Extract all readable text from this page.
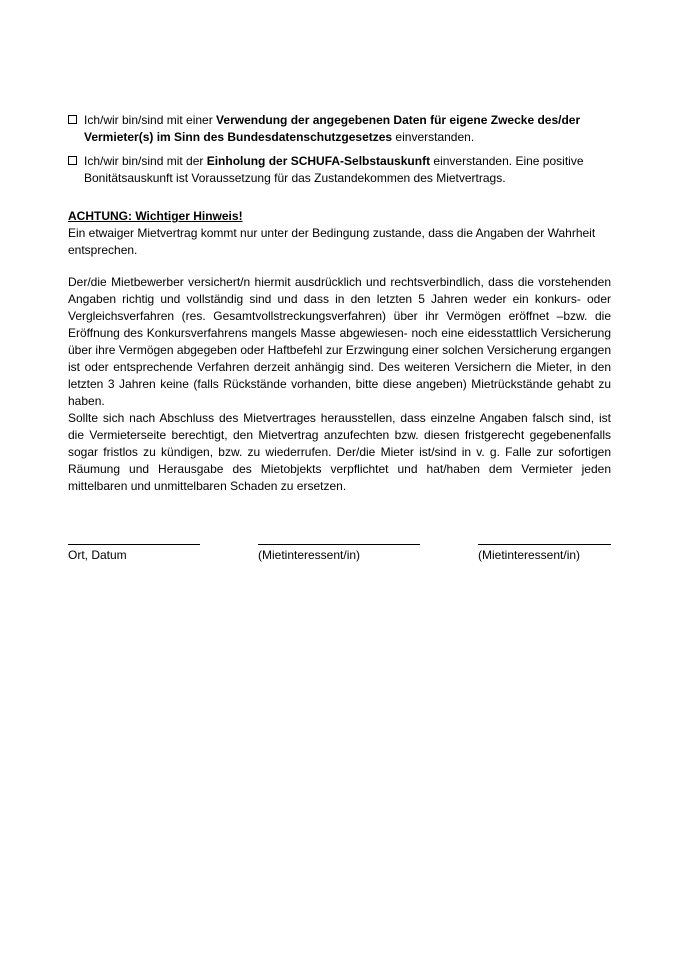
Ich/wir bin/sind mit einer Verwendung der angegebenen Daten für eigene Zwecke des/der Vermieter(s) im Sinn des Bundesdatenschutzgesetzes einverstanden.
Ich/wir bin/sind mit der Einholung der SCHUFA-Selbstauskunft einverstanden. Eine positive Bonitätsauskunft ist Voraussetzung für das Zustandekommen des Mietvertrags.
ACHTUNG: Wichtiger Hinweis!
Ein etwaiger Mietvertrag kommt nur unter der Bedingung zustande, dass die Angaben der Wahrheit entsprechen.

Der/die Mietbewerber versichert/n hiermit ausdrücklich und rechtsverbindlich, dass die vorstehenden Angaben richtig und vollständig sind und dass in den letzten 5 Jahren weder ein konkurs- oder Vergleichsverfahren (res. Gesamtvollstreckungsverfahren) über ihr Vermögen eröffnet –bzw. die Eröffnung des Konkursverfahrens mangels Masse abgewiesen- noch eine eidesstattlich Versicherung über ihre Vermögen abgegeben oder Haftbefehl zur Erzwingung einer solchen Versicherung ergangen ist oder entsprechende Verfahren derzeit anhängig sind. Des weiteren Versichern die Mieter, in den letzten 3 Jahren keine (falls Rückstände vorhanden, bitte diese angeben) Mietrückstände gehabt zu haben.

Sollte sich nach Abschluss des Mietvertrages herausstellen, dass einzelne Angaben falsch sind, ist die Vermieterseite berechtigt, den Mietvertrag anzufechten bzw. diesen fristgerecht gegebenenfalls sogar fristlos zu kündigen, bzw. zu wiederrufen. Der/die Mieter ist/sind in v. g. Falle zur sofortigen Räumung und Herausgabe des Mietobjekts verpflichtet und hat/haben dem Vermieter jeden mittelbaren und unmittelbaren Schaden zu ersetzen.

Ort, Datum	(Mietinteressent/in)	(Mietinteressent/in)
